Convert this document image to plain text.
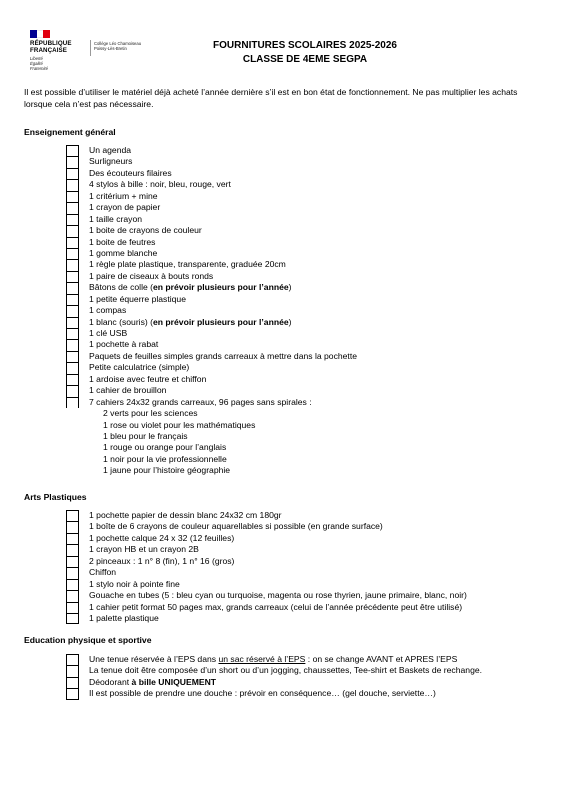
RÉPUBLIQUE
FRANÇAISE
Liberté
Égalité
Fraternité
Collège Léo Chamoiseau
Poissy-Lès-Bretin	FOURNITURES SCOLAIRES 2025-2026
CLASSE DE 4EME SEGPA
Il est possible d’utiliser le matériel déjà acheté l’année dernière s’il est en bon état de fonctionnement. Ne pas multiplier les achats lorsque cela n’est pas nécessaire.
Enseignement général
Un agenda
Surligneurs
Des écouteurs filaires
4 stylos à bille : noir, bleu, rouge, vert
1 critérium + mine
1 crayon de papier
1 taille crayon
1 boite de crayons de couleur
1 boite de feutres
1 gomme blanche
1 règle plate plastique, transparente, graduée 20cm
1 paire de ciseaux à bouts ronds
Bâtons de colle (en prévoir plusieurs pour l’année)
1 petite équerre plastique
1 compas
1 blanc (souris) (en prévoir plusieurs pour l’année)
1 clé USB
1 pochette à rabat
Paquets de feuilles simples grands carreaux à mettre dans la pochette
Petite calculatrice (simple)
1 ardoise avec feutre et chiffon
1 cahier de brouillon
7 cahiers 24x32 grands carreaux, 96 pages sans spirales :
2 verts pour les sciences
1 rose ou violet pour les mathématiques
1 bleu pour le français
1 rouge ou orange pour l’anglais
1 noir pour la vie professionnelle
1 jaune pour l’histoire géographie
Arts Plastiques
1 pochette papier de dessin blanc 24x32 cm 180gr
1 boîte de 6 crayons de couleur aquarellables si possible (en grande surface)
1 pochette calque 24 x 32 (12 feuilles)
1 crayon HB et un crayon 2B
2 pinceaux : 1 n° 8 (fin), 1 n° 16 (gros)
Chiffon
1 stylo noir à pointe fine
Gouache en tubes (5 : bleu cyan ou turquoise, magenta ou rose thyrien, jaune primaire, blanc, noir)
1 cahier petit format 50 pages max, grands carreaux (celui de l’année précédente peut être utilisé)
1 palette plastique
Education physique et sportive
Une tenue réservée à l’EPS dans un sac réservé à l’EPS : on se change AVANT et APRES l’EPS
La tenue doit être composée d’un short ou d’un jogging, chaussettes, Tee-shirt et Baskets de rechange.
Déodorant à bille UNIQUEMENT
Il est possible de prendre une douche : prévoir en conséquence… (gel douche, serviette…)
